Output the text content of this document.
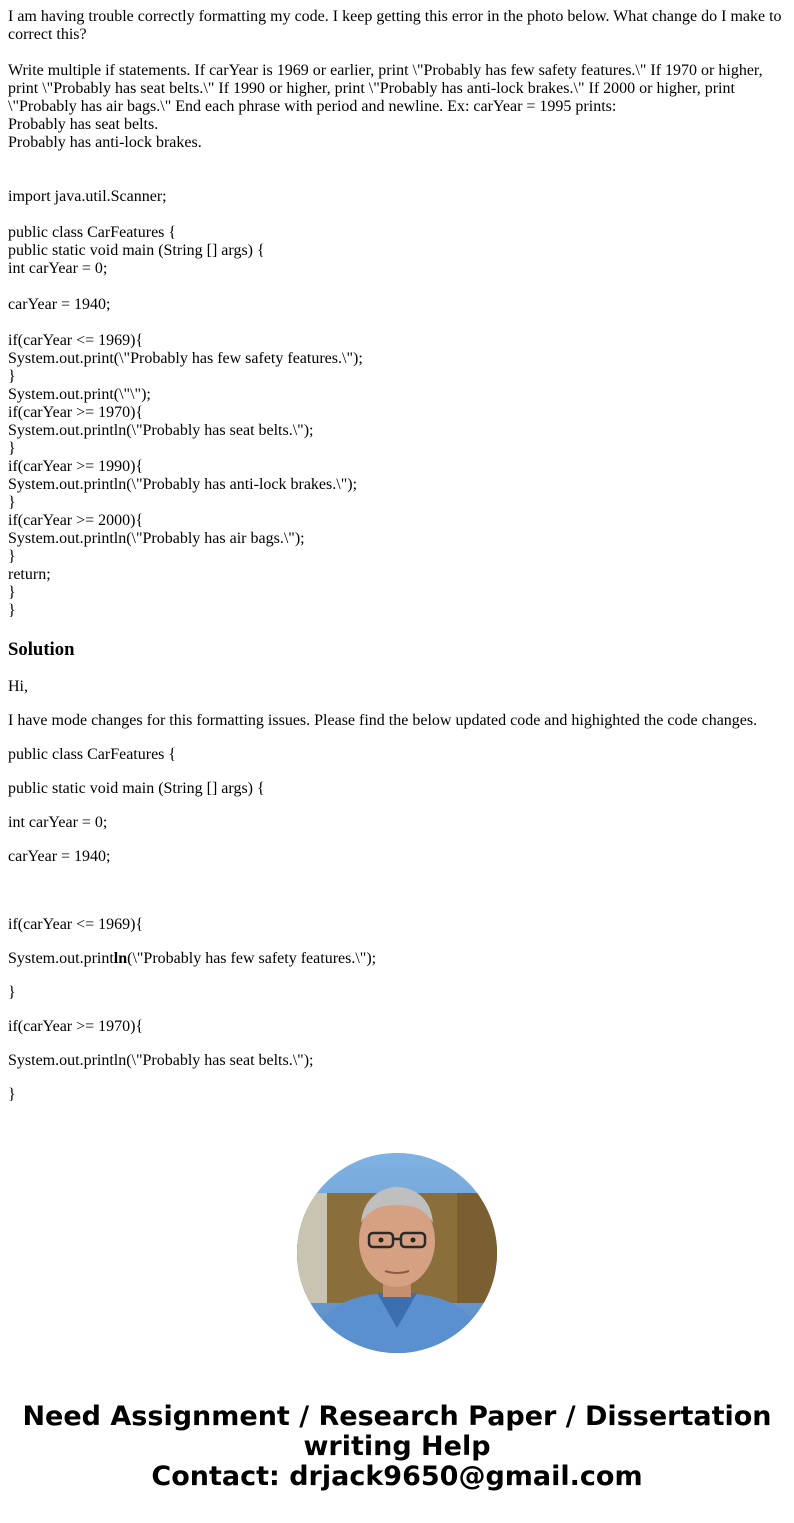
I am having trouble correctly formatting my code. I keep getting this error in the photo below. What change do I make to correct this?
Write multiple if statements. If carYear is 1969 or earlier, print \"Probably has few safety features.\" If 1970 or higher, print \"Probably has seat belts.\" If 1990 or higher, print \"Probably has anti-lock brakes.\" If 2000 or higher, print \"Probably has air bags.\" End each phrase with period and newline. Ex: carYear = 1995 prints:
Probably has seat belts.
Probably has anti-lock brakes.
import java.util.Scanner;
public class CarFeatures {
public static void main (String [] args) {
int carYear = 0;
carYear = 1940;
if(carYear <= 1969){
System.out.print(\"Probably has few safety features.\");
}
System.out.print(\"\");
if(carYear >= 1970){
System.out.println(\"Probably has seat belts.\");
}
if(carYear >= 1990){
System.out.println(\"Probably has anti-lock brakes.\");
}
if(carYear >= 2000){
System.out.println(\"Probably has air bags.\");
}
return;
}
}
Solution

Hi,

I have mode changes for this formatting issues. Please find the below updated code and highighted the code changes.

public class CarFeatures {

public static void main (String [] args) {

int carYear = 0;

carYear = 1940;

if(carYear <= 1969){

System.out.println(\"Probably has few safety features.\");

}

if(carYear >= 1970){

System.out.println(\"Probably has seat belts.\");

}

Need Assignment / Research Paper / Dissertation
writing Help
Contact: drjack9650@gmail.com
